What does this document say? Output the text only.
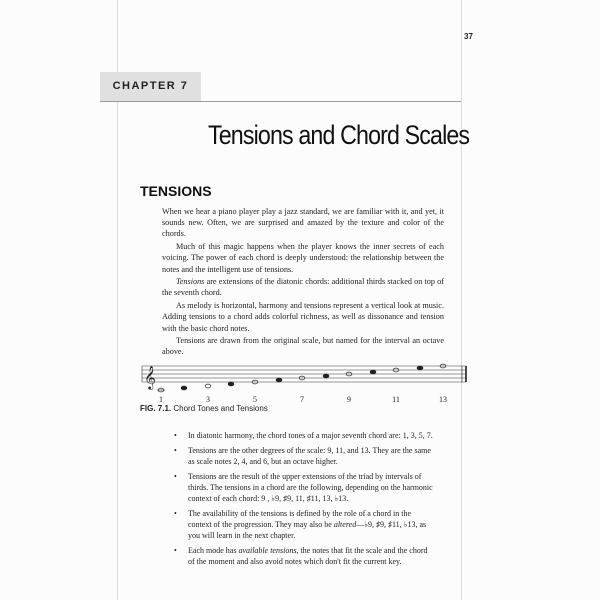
37
CHAPTER 7
Tensions and Chord Scales
TENSIONS

When we hear a piano player play a jazz standard, we are familiar with it, and yet, it sounds new. Often, we are surprised and amazed by the texture and color of the chords.

Much of this magic happens when the player knows the inner secrets of each voicing. The power of each chord is deeply understood: the relationship between the notes and the intelligent use of tensions.

Tensions are extensions of the diatonic chords: additional thirds stacked on top of the seventh chord.

As melody is horizontal, harmony and tensions represent a vertical look at music. Adding tensions to a chord adds colorful richness, as well as dissonance and tension with the basic chord notes.

Tensions are drawn from the original scale, but named for the interval an octave above.

𝄞
1	3	5	7	9	11	13
FIG. 7.1. Chord Tones and Tensions
• In diatonic harmony, the chord tones of a major seventh chord are: 1, 3, 5, 7.
• Tensions are the other degrees of the scale: 9, 11, and 13. They are the same as scale notes 2, 4, and 6, but an octave higher.
• Tensions are the result of the upper extensions of the triad by intervals of thirds. The tensions in a chord are the following, depending on the harmonic context of each chord: 9 , ♭9, ♯9, 11, ♯11, 13, ♭13.
• The availability of the tensions is defined by the role of a chord in the context of the progression. They may also be altered—♭9, ♯9, ♯11, ♭13, as you will learn in the next chapter.
• Each mode has available tensions, the notes that fit the scale and the chord of the moment and also avoid notes which don't fit the current key.
